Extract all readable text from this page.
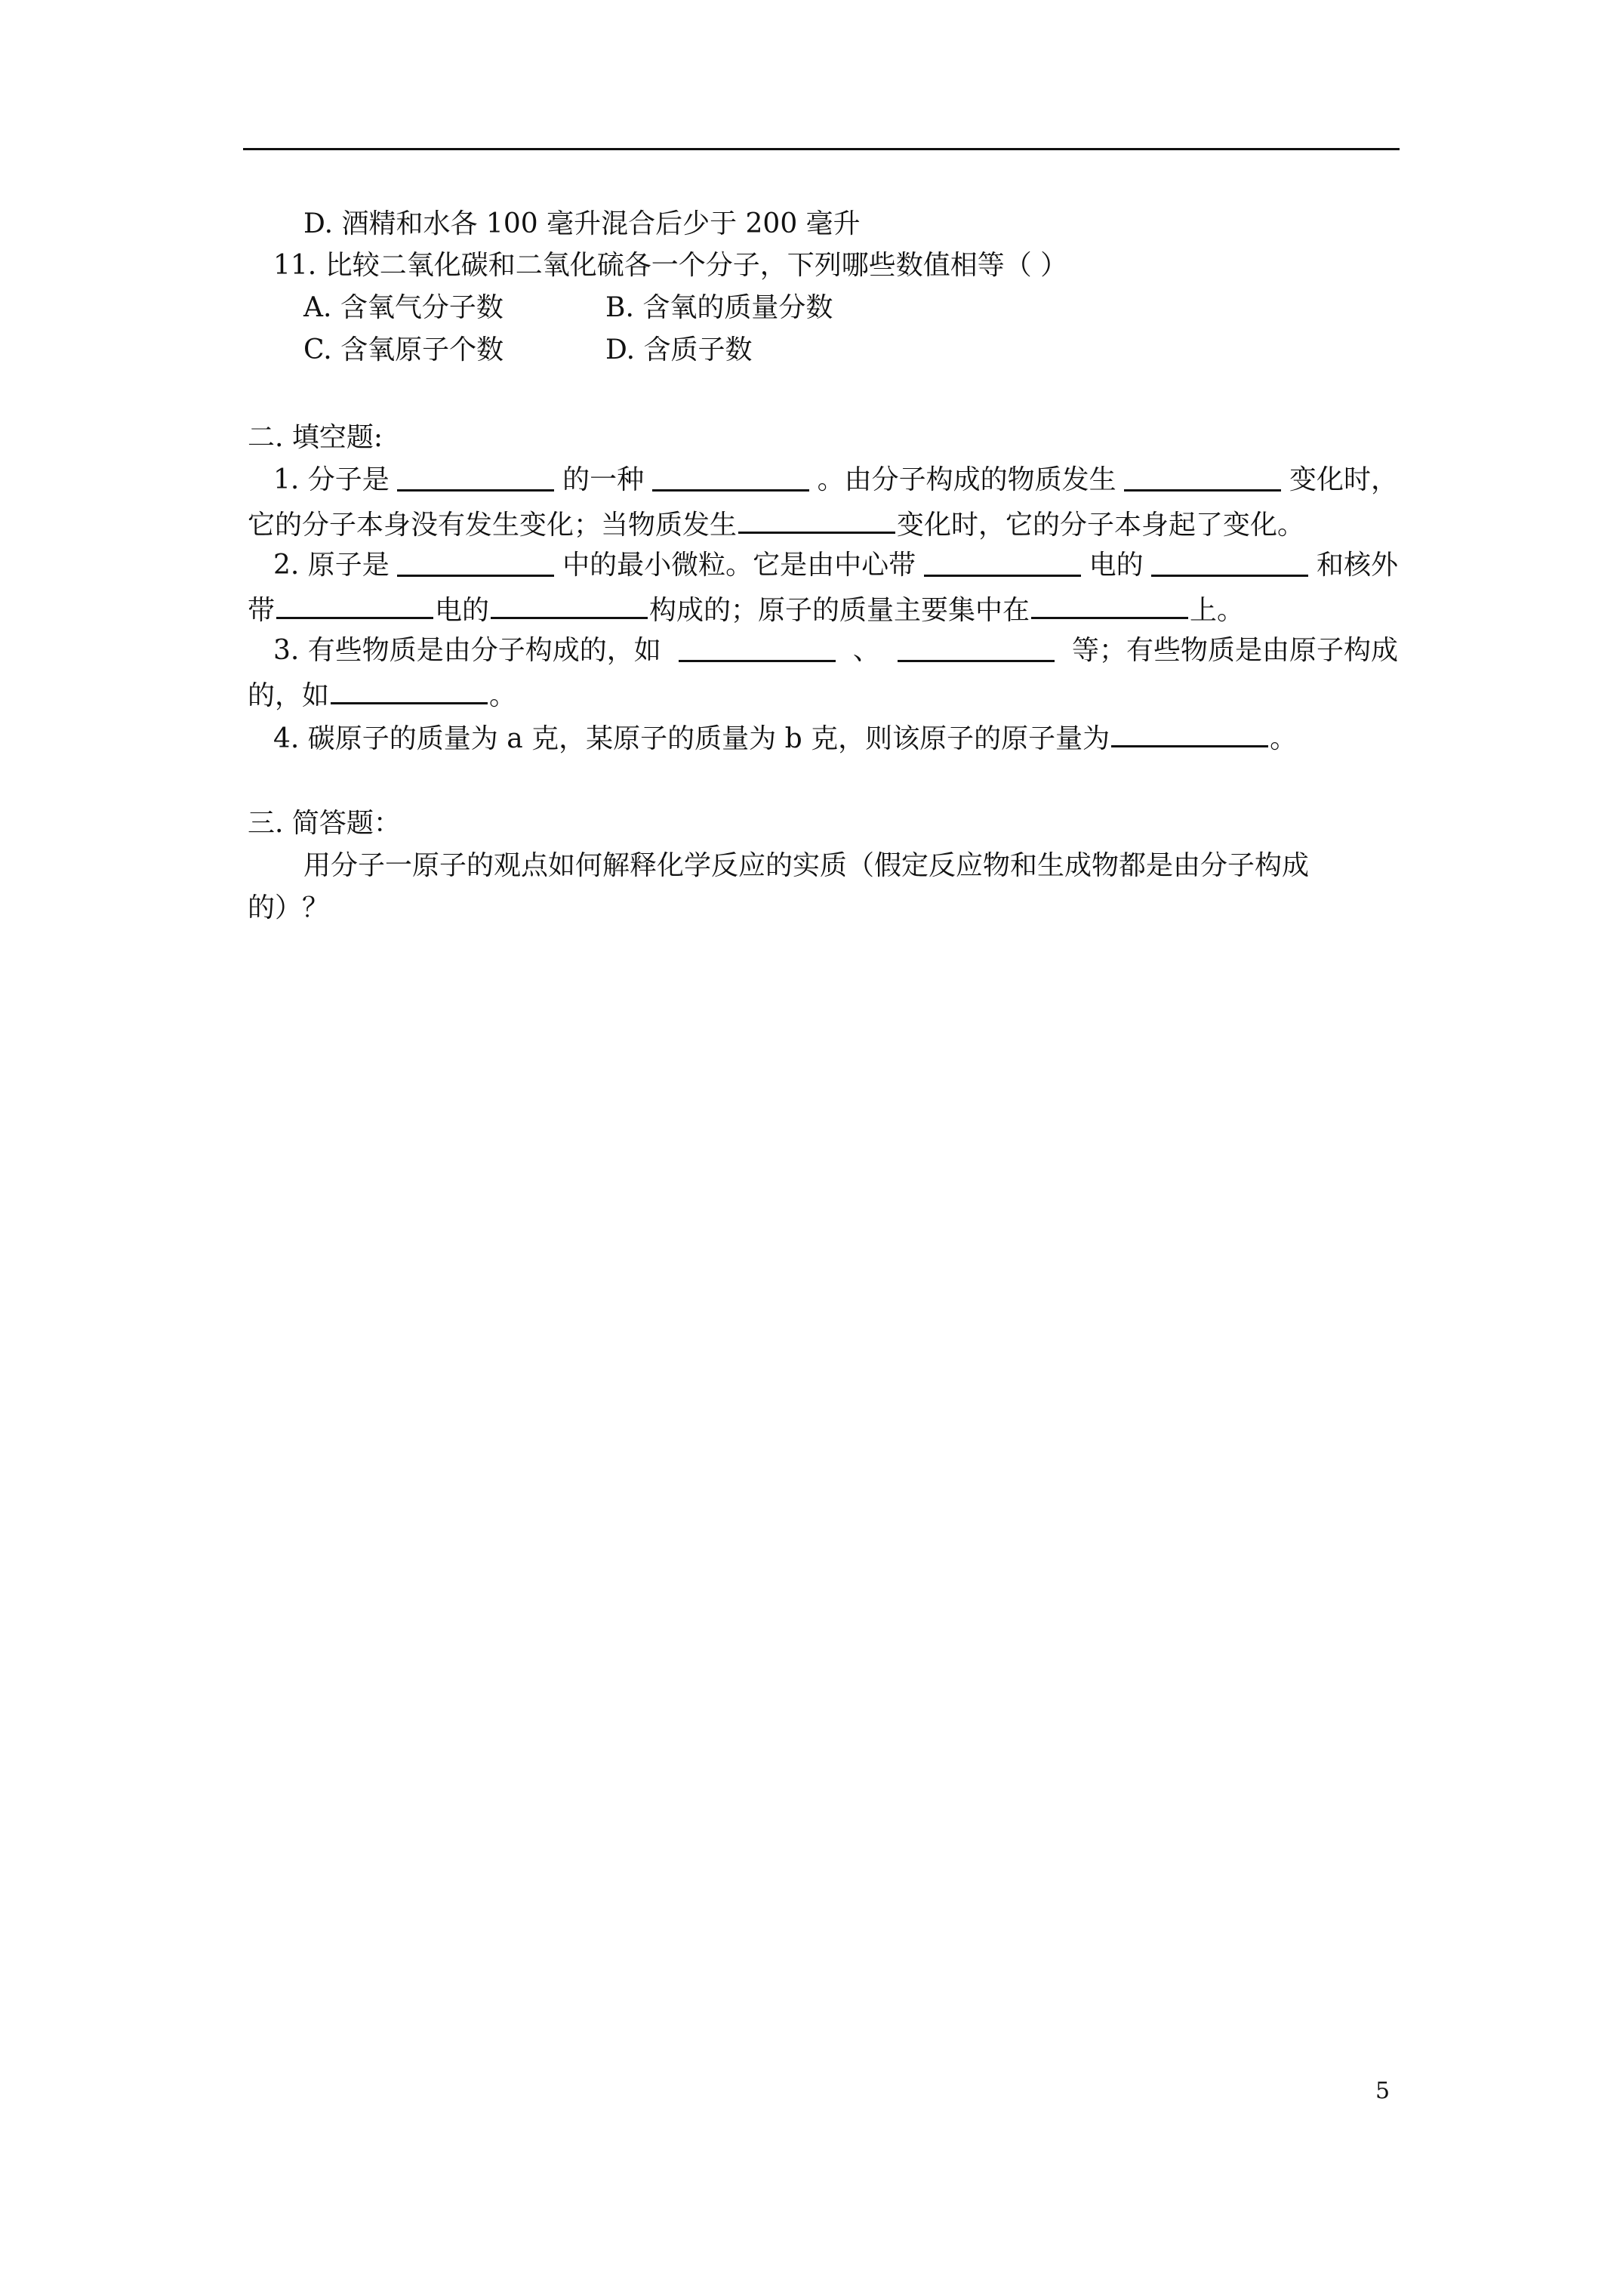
D. 酒精和水各 100 毫升混合后少于 200 毫升
11. 比较二氧化碳和二氧化硫各一个分子，下列哪些数值相等（ ）
A. 含氧气分子数	B. 含氧的质量分数
C. 含氧原子个数	D. 含质子数
二. 填空题:
1. 分子是	的一种	。由分子构成的物质发生	变化时，
它的分子本身没有发生变化；当物质发生	变化时，它的分子本身起了变化。
2. 原子是	中的最小微粒。它是由中心带	电的	和核外
带	电的	构成的；原子的质量主要集中在	上。
3. 有些物质是由分子构成的，如	、	等；有些物质是由原子构成
的，如	。
4. 碳原子的质量为 a 克，某原子的质量为 b 克，则该原子的原子量为	。
三. 简答题：
用分子一原子的观点如何解释化学反应的实质（假定反应物和生成物都是由分子构成
的）？
5
